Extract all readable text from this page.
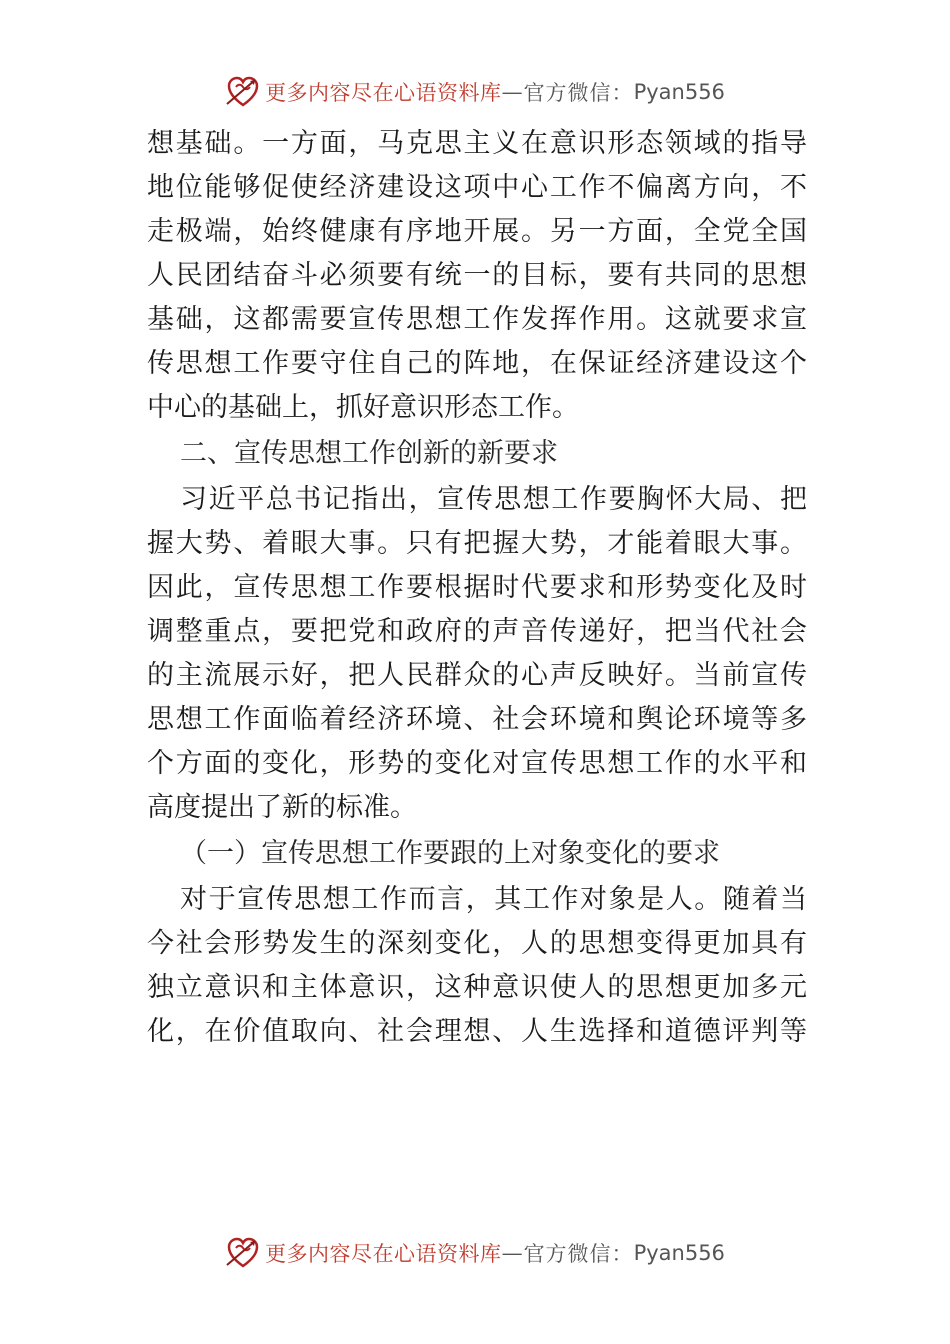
更多内容尽在心语资料库 — 官方微信： Pyan556
想基础。一方面，马克思主义在意识形态领域的指导
地位能够促使经济建设这项中心工作不偏离方向，不
走极端，始终健康有序地开展。另一方面，全党全国
人民团结奋斗必须要有统一的目标，要有共同的思想
基础，这都需要宣传思想工作发挥作用。这就要求宣
传思想工作要守住自己的阵地，在保证经济建设这个
中心的基础上，抓好意识形态工作。
二、宣传思想工作创新的新要求
习近平总书记指出，宣传思想工作要胸怀大局、把
握大势、着眼大事。只有把握大势，才能着眼大事。
因此，宣传思想工作要根据时代要求和形势变化及时
调整重点，要把党和政府的声音传递好，把当代社会
的主流展示好，把人民群众的心声反映好。当前宣传
思想工作面临着经济环境、社会环境和舆论环境等多
个方面的变化，形势的变化对宣传思想工作的水平和
高度提出了新的标准。
（一）宣传思想工作要跟的上对象变化的要求
对于宣传思想工作而言，其工作对象是人。随着当
今社会形势发生的深刻变化，人的思想变得更加具有
独立意识和主体意识，这种意识使人的思想更加多元
化，在价值取向、社会理想、人生选择和道德评判等
更多内容尽在心语资料库 — 官方微信： Pyan556
